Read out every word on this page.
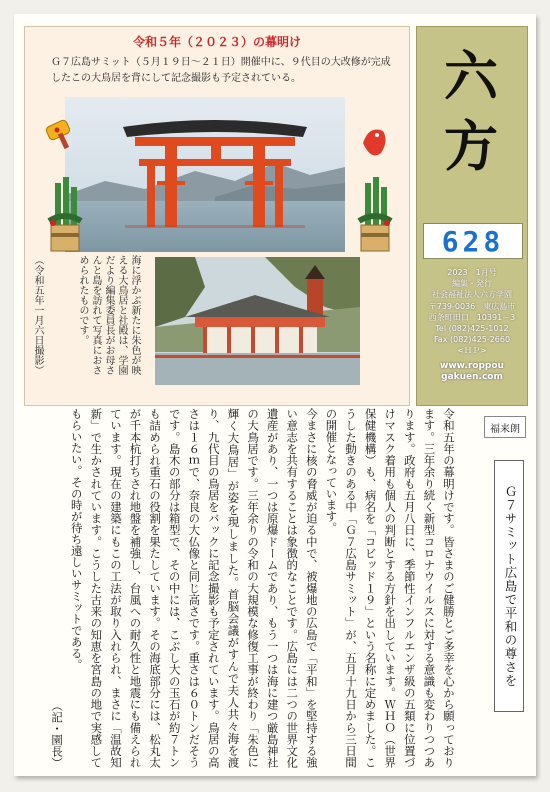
令和５年（２０２３）の幕明け
Ｇ７広島サミット（５月１９日～２１日）開催中に、９代目の大改修が完成したこの大鳥居を背にして記念撮影も予定されている。
海に浮かぶ新たに朱色が映える大鳥居と社殿は、学園だより編集委員長がお母さんと島を訪れて写真におさめられたものです。
（令和五年一月六日撮影）
六方
628
2023　1月号
編集・発行
社会福祉法人六方学園
〒739-0036　東広島市
西条町田口　10391－3
Tel (082)425-1012
Fax (082)425-2660
<ＨＰ>
www.roppou
gakuen.com
福来朗
Ｇ７サミット広島で平和の尊さを

令和五年の幕明けです。皆さまのご健勝とご多幸を心から願っております。三年余り続く新型コロナウイルスに対する意識も変わりつつあります。政府も五月八日に、季節性インフルエンザ級の五類に位置づけマスク着用も個人の判断とする方針を出しています。ＷＨＯ（世界保健機構）も、病名を「コビッド１９」という名称に定めました。こうした動きのある中「Ｇ７広島サミット」が、五月十九日から三日間の開催となっています。

今まさに核の脅威が迫る中で、被爆地の広島で「平和」を堅持する強い意志を共有することは象徴的なことです。広島には二つの世界文化遺産があり、一つは原爆ドームであり、もう一つは海に建つ厳島神社の大鳥居です。三年余りの令和の大規模な修復工事が終わり「朱色に輝く大鳥居」が姿を現しました。首脳会議がすんで夫人共々海を渡り、九代目の鳥居をバックに記念撮影も予定されています。鳥居の高さは１６ｍで、奈良の大仏像と同じ高さです。重さは６０トンだそうです。島木の部分は箱型で、その中には、こぶし大の玉石が約７トンも詰められ重石の役割を果たしています。その海底部分には、松丸太が千本杭打ちされ地盤を補強し、台風への耐久性と地震にも備えられています。現在の建築にもこの工法が取り入れられ、まさに「温故知新」で生かされています。こうした古来の知恵を宮島の地で実感してもらいたい。その時が待ち遠しいサミットである。

（記・園長）
